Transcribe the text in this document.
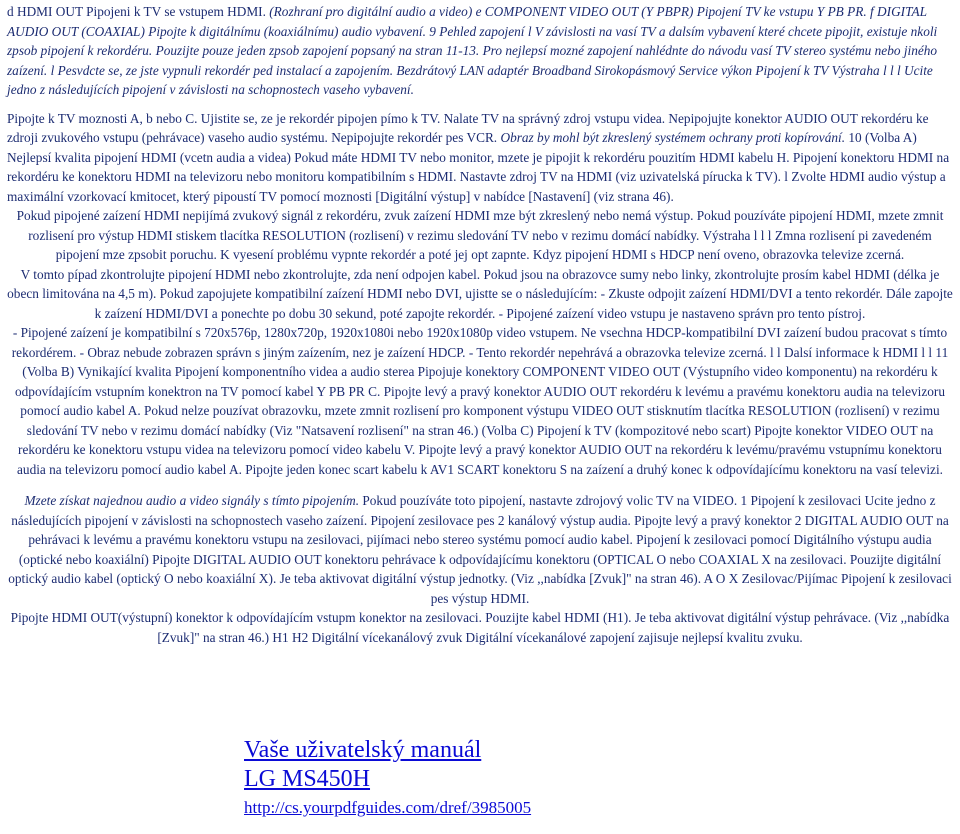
d HDMI OUT Pipojeni k TV se vstupem HDMI. (Rozhraní pro digitální audio a video) e COMPONENT VIDEO OUT (Y PBPR) Pipojení TV ke vstupu Y PB PR. f DIGITAL AUDIO OUT (COAXIAL) Pipojte k digitálnímu (koaxiálnímu) audio vybavení. 9 Pehled zapojení l V závislosti na vasí TV a dalsím vybavení které chcete pipojit, existuje nkoli zpsob pipojení k rekordéru. Pouzijte pouze jeden zpsob zapojení popsaný na stran 11-13. Pro nejlepsí mozné zapojení nahlédnte do návodu vasí TV stereo systému nebo jiného zaízení. l Pesvdcte se, ze jste vypnuli rekordér ped instalací a zapojením. Bezdrátový LAN adaptér Broadband Sirokopásmový Service výkon Pipojení k TV Výstraha l l l Ucite jedno z následujících pipojení v závislosti na schopnostech vaseho vybavení.

Pipojte k TV moznosti A, b nebo C. Ujistite se, ze je rekordér pipojen pímo k TV. Nalate TV na správný zdroj vstupu videa. Nepipojujte konektor AUDIO OUT rekordéru ke zdroji zvukového vstupu (pehrávace) vaseho audio systému. Nepipojujte rekordér pes VCR. Obraz by mohl být zkreslený systémem ochrany proti kopírování. 10 (Volba A) Nejlepsí kvalita pipojení HDMI (vcetn audia a videa) Pokud máte HDMI TV nebo monitor, mzete je pipojit k rekordéru pouzitím HDMI kabelu H. Pipojení konektoru HDMI na rekordéru ke konektoru HDMI na televizoru nebo monitoru kompatibilním s HDMI. Nastavte zdroj TV na HDMI (viz uzivatelská pírucka k TV). l Zvolte HDMI audio výstup a maximální vzorkovací kmitocet, který pipoustí TV pomocí moznosti [Digitální výstup] v nabídce [Nastavení] (viz strana 46).

Pokud pipojené zaízení HDMI nepijímá zvukový signál z rekordéru, zvuk zaízení HDMI mze být zkreslený nebo nemá výstup. Pokud pouzíváte pipojení HDMI, mzete zmnit rozlisení pro výstup HDMI stiskem tlacítka RESOLUTION (rozlisení) v rezimu sledování TV nebo v rezimu domácí nabídky. Výstraha l l l Zmna rozlisení pi zavedeném pipojení mze zpsobit poruchu. K vyesení problému vypnte rekordér a poté jej opt zapnte. Kdyz pipojení HDMI s HDCP není oveno, obrazovka televize zcerná.

V tomto pípad zkontrolujte pipojení HDMI nebo zkontrolujte, zda není odpojen kabel. Pokud jsou na obrazovce sumy nebo linky, zkontrolujte prosím kabel HDMI (délka je obecn limitována na 4,5 m). Pokud zapojujete kompatibilní zaízení HDMI nebo DVI, ujistte se o následujícím: - Zkuste odpojit zaízení HDMI/DVI a tento rekordér. Dále zapojte k zaízení HDMI/DVI a ponechte po dobu 30 sekund, poté zapojte rekordér. - Pipojené zaízení video vstupu je nastaveno správn pro tento pístroj.

- Pipojené zaízení je kompatibilní s 720x576p, 1280x720p, 1920x1080i nebo 1920x1080p video vstupem. Ne vsechna HDCP-kompatibilní DVI zaízení budou pracovat s tímto rekordérem. - Obraz nebude zobrazen správn s jiným zaízením, nez je zaízení HDCP. - Tento rekordér nepehrává a obrazovka televize zcerná. l l Dalsí informace k HDMI l l 11 (Volba B) Vynikající kvalita Pipojení komponentního videa a audio sterea Pipojuje konektory COMPONENT VIDEO OUT (Výstupního video komponentu) na rekordéru k odpovídajícím vstupním konektron na TV pomocí kabel Y PB PR C. Pipojte levý a pravý konektor AUDIO OUT rekordéru k levému a pravému konektoru audia na televizoru pomocí audio kabel A. Pokud nelze pouzívat obrazovku, mzete zmnit rozlisení pro komponent výstupu VIDEO OUT stisknutím tlacítka RESOLUTION (rozlisení) v rezimu sledování TV nebo v rezimu domácí nabídky (Viz "Natsavení rozlisení" na stran 46.) (Volba C) Pipojení k TV (kompozitové nebo scart) Pipojte konektor VIDEO OUT na rekordéru ke konektoru vstupu videa na televizoru pomocí video kabelu V. Pipojte levý a pravý konektor AUDIO OUT na rekordéru k levému/pravému vstupnímu konektoru audia na televizoru pomocí audio kabel A. Pipojte jeden konec scart kabelu k AV1 SCART konektoru S na zaízení a druhý konec k odpovídajícímu konektoru na vasí televizi.

Mzete získat najednou audio a video signály s tímto pipojením. Pokud pouzíváte toto pipojení, nastavte zdrojový volic TV na VIDEO. 1 Pipojení k zesilovaci Ucite jedno z následujících pipojení v závislosti na schopnostech vaseho zaízení. Pipojení zesilovace pes 2 kanálový výstup audia. Pipojte levý a pravý konektor 2 DIGITAL AUDIO OUT na pehrávaci k levému a pravému konektoru vstupu na zesilovaci, pijímaci nebo stereo systému pomocí audio kabel. Pipojení k zesilovaci pomocí Digitálního výstupu audia (optické nebo koaxiální) Pipojte DIGITAL AUDIO OUT konektoru pehrávace k odpovídajícímu konektoru (OPTICAL O nebo COAXIAL X na zesilovaci. Pouzijte digitální optický audio kabel (optický O nebo koaxiální X). Je teba aktivovat digitální výstup jednotky. (Viz ,,nabídka [Zvuk]" na stran 46). A O X Zesilovac/Pijímac Pipojení k zesilovaci pes výstup HDMI.

Pipojte HDMI OUT(výstupní) konektor k odpovídajícím vstupm konektor na zesilovaci. Pouzijte kabel HDMI (H1). Je teba aktivovat digitální výstup pehrávace. (Viz ,,nabídka [Zvuk]" na stran 46.) H1 H2 Digitální vícekanálový zvuk Digitální vícekanálové zapojení zajisuje nejlepsí kvalitu zvuku.

Vaše uživatelský manuál
LG MS450H
http://cs.yourpdfguides.com/dref/3985005
